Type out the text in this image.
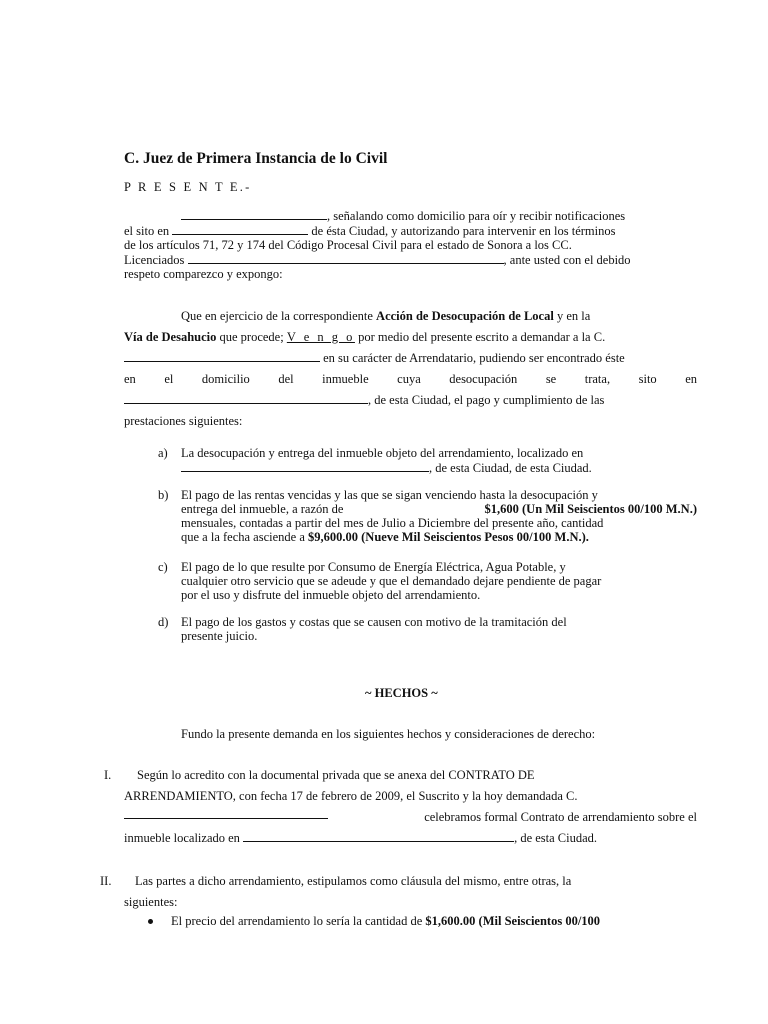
C. Juez de Primera Instancia de lo Civil
P R E S E N T E.-
, señalando como domicilio para oír y recibir notificaciones
el sito en	de ésta Ciudad, y autorizando para intervenir en los términos
de los artículos 71, 72 y 174 del Código Procesal Civil para el estado de Sonora a los CC.
Licenciados	, ante usted con el debido
respeto comparezco y expongo:
Que en ejercicio de la correspondiente Acción de Desocupación de Local y en la
Vía de Desahucio que procede; V e n g o por medio del presente escrito a demandar a la C.
en su carácter de Arrendatario, pudiendo ser encontrado éste
en el domicilio del inmueble cuya desocupación se trata, sito en
, de esta Ciudad, el pago y cumplimiento de las
prestaciones siguientes:
a) La desocupación y entrega del inmueble objeto del arrendamiento, localizado en
, de esta Ciudad, de esta Ciudad.
b) El pago de las rentas vencidas y las que se sigan venciendo hasta la desocupación y
entrega del inmueble, a razón de	$1,600 (Un Mil Seiscientos 00/100 M.N.)
mensuales, contadas a partir del mes de Julio a Diciembre del presente año, cantidad
que a la fecha asciende a $9,600.00 (Nueve Mil Seiscientos Pesos 00/100 M.N.).
c) El pago de lo que resulte por Consumo de Energía Eléctrica, Agua Potable, y
cualquier otro servicio que se adeude y que el demandado dejare pendiente de pagar
por el uso y disfrute del inmueble objeto del arrendamiento.
d) El pago de los gastos y costas que se causen con motivo de la tramitación del
presente juicio.
~ HECHOS ~
Fundo la presente demanda en los siguientes hechos y consideraciones de derecho:
I.	Según lo acredito con la documental privada que se anexa del CONTRATO DE
ARRENDAMIENTO, con fecha 17 de febrero de 2009, el Suscrito y la hoy demandada C.
celebramos formal Contrato de arrendamiento sobre el
inmueble localizado en	, de esta Ciudad.
II.	Las partes a dicho arrendamiento, estipulamos como cláusula del mismo, entre otras, la
siguientes:
El precio del arrendamiento lo sería la cantidad de $1,600.00 (Mil Seiscientos 00/100
